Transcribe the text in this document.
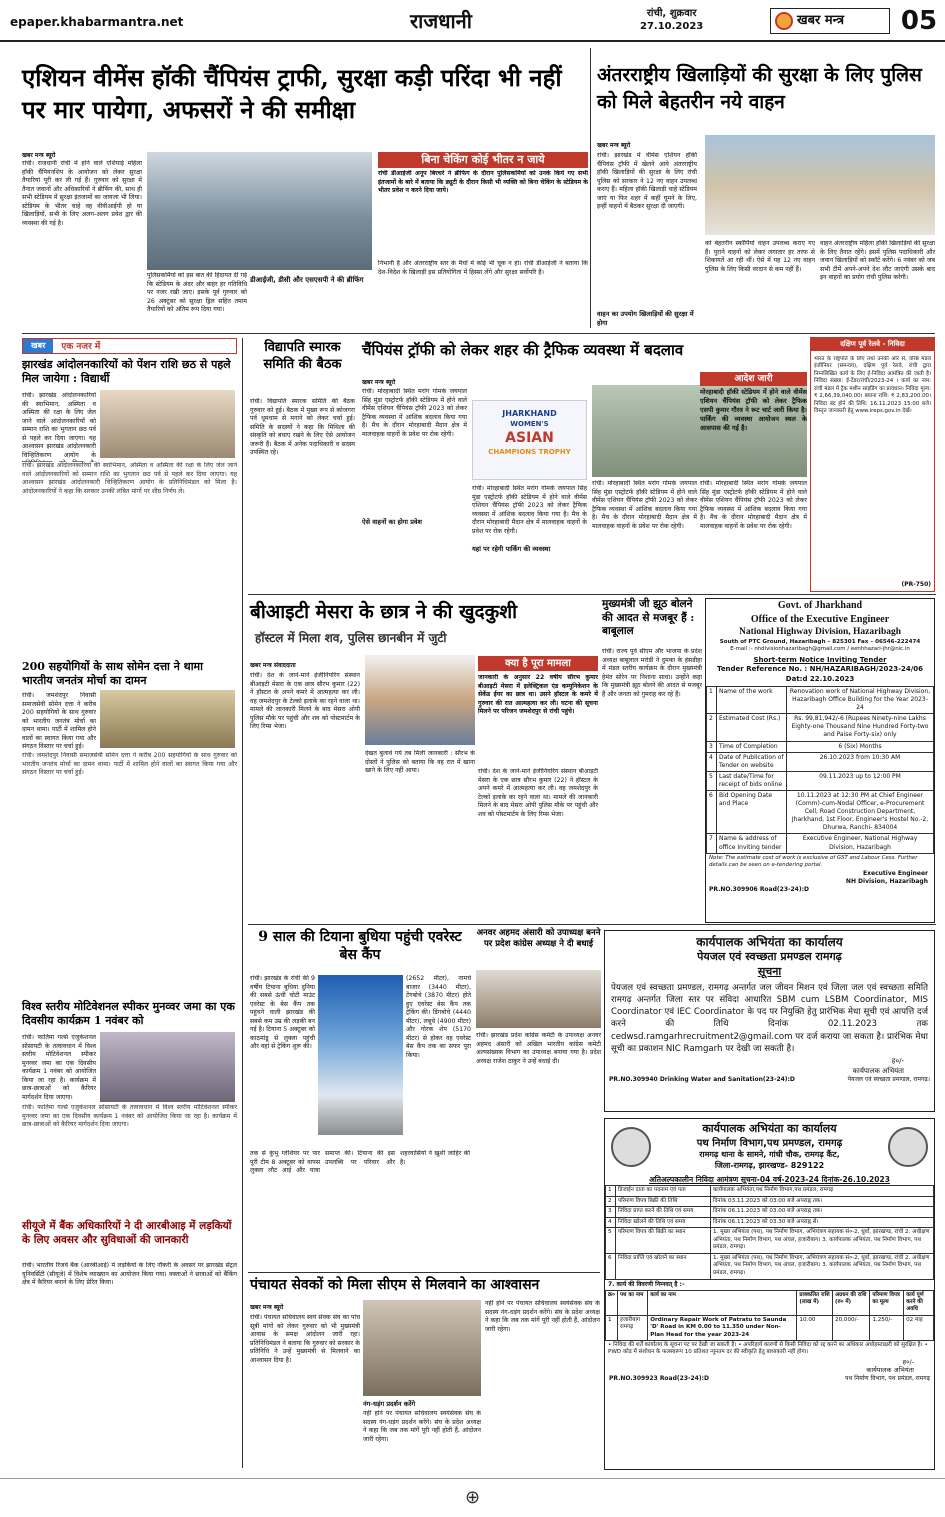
epaper.khabarmantra.net	राजधानी	रांची, शुक्रवार
27.10.2023	खबर मन्त्र 05
एशियन वीमेंस हॉकी चैंपियंस ट्राफी, सुरक्षा कड़ी परिंदा भी नहीं पर मार पायेगा, अफसरों ने की समीक्षा
खबर मन्त्र ब्यूरो
रांची। राजधानी रांची में होने वाले एशियाई महिला हॉकी चैंपियनशिप के आयोजन को लेकर सुरक्षा तैयारियां पूरी कर ली गई हैं। गुरुवार को सुरक्षा में तैनात जवानों और अधिकारियों ने ब्रीफिंग की, साथ ही सभी स्टेडियम में सुरक्षा इंतजामों का जायजा भी लिया। स्टेडियम के भीतर चाहे वह वीवीआईपी हो या खिलाड़ियों, सभी के लिए अलग-अलग प्रवेश द्वार की व्यवस्था की गई है।
पुलिसकर्मियों को इस बात की हिदायत दी गई कि स्टेडियम के अंदर और बाहर हर गतिविधि पर नजर रखी जाए। इसके पूर्व गुरुवार को 26 अक्टूबर को सुरक्षा ड्रिल सहित तमाम तैयारियों को अंतिम रूप दिया गया।
डीआईजी, डीसी और एसएसपी ने की ब्रीफिंग
बिना चेकिंग कोई भीतर न जाये
रांची डीआईजी अनूप बिरथरे ने ब्रीफिंग के दौरान पुलिसकर्मियों को उनके किये गए सभी इंतजामों के बारे में बताया कि ड्यूटी के दौरान किसी भी व्यक्ति को बिना चेकिंग के स्टेडियम के भीतर प्रवेश न करने दिया जाये।
निभानी है और अंतरराष्ट्रीय स्तर के मैचों में कोई भी चूक न हो। रांची डीआईजी ने बताया कि देश-विदेश के खिलाड़ी इस प्रतियोगिता में हिस्सा लेंगे और सुरक्षा सर्वोपरि है।
अंतरराष्ट्रीय खिलाड़ियों की सुरक्षा के लिए पुलिस को मिले बेहतरीन नये वाहन
खबर मन्त्र ब्यूरो
रांची। झारखंड में वीमेंस एशियन हॉकी चैंपियंस ट्रॉफी में खेलने आये अंतरराष्ट्रीय हॉकी खिलाड़ियों की सुरक्षा के लिए रांची पुलिस को सरकार ने 12 नए वाहन उपलब्ध कराए हैं। महिला हॉकी खिलाड़ी चाहे स्टेडियम जाएं या फिर शहर में कहीं घूमने के लिए, इन्हीं वाहनों में बैठकर सुरक्षा दी जाएगी।
वाहन का उपयोग खिलाड़ियों की सुरक्षा में होगा
को बेहतरीन स्कॉर्पियो वाहन उपलब्ध कराए गए हैं। पुराने वाहनों को लेकर लगातार हर तरफ से शिकायतें आ रही थीं। ऐसे में यह 12 नए वाहन पुलिस के लिए किसी वरदान से कम नहीं हैं।
वाहन अंतरराष्ट्रीय महिला हॉकी खिलाड़ियों की सुरक्षा के लिए तैनात रहेंगे। इसमें पुलिस पदाधिकारी और जवान खिलाड़ियों को स्कॉर्ट करेंगे। 6 नवंबर को जब सभी टीमें अपने-अपने देश लौट जाएंगी उसके बाद इन वाहनों का प्रयोग रांची पुलिस करेगी।
खबर	एक नजर में
झारखंड आंदोलनकारियों को पेंशन राशि छठ से पहले मिल जायेगा : विद्यार्थी
रांची। झारखंड आंदोलनकारियों की स्वाभिमान, अस्मिता व अस्मिता की रक्षा के लिए जेल जाने वाले आंदोलनकारियों को सम्मान राशि का भुगतान छठ पर्व से पहले कर दिया जाएगा। यह आश्वासन झारखंड आंदोलनकारी चिन्हितिकरण आयोग के
रांची। झारखंड आंदोलनकारियों की स्वाभिमान, अस्मिता व अस्मिता की रक्षा के लिए जेल जाने वाले आंदोलनकारियों को सम्मान राशि का भुगतान छठ पर्व से पहले कर दिया जाएगा। यह आश्वासन झारखंड आंदोलनकारी चिन्हितिकरण आयोग के प्रतिनिधिमंडल को मिला है। आंदोलनकारियों ने कहा कि सरकार उनकी लंबित मांगों पर शीघ्र निर्णय ले।
200 सहयोगियों के साथ सोमेन दत्ता ने थामा भारतीय जनतंत्र मोर्चा का दामन
रांची। जमशेदपुर निवासी समाजसेवी सोमेन दत्ता ने करीब 200 सहयोगियों के साथ गुरुवार को भारतीय जनतंत्र मोर्चा का दामन थामा। पार्टी में शामिल होने वालों का स्वागत किया गया और संगठन विस्तार पर चर्चा हुई।
रांची। जमशेदपुर निवासी समाजसेवी सोमेन दत्ता ने करीब 200 सहयोगियों के साथ गुरुवार को भारतीय जनतंत्र मोर्चा का दामन थामा। पार्टी में शामिल होने वालों का स्वागत किया गया और संगठन विस्तार पर चर्चा हुई।
विश्व स्तरीय मोटिवेशनल स्पीकर मुनव्वर जमा का एक दिवसीय कार्यक्रम 1 नवंबर को
रांची। फातिमा गर्ल्स एजुकेशनल सोसायटी के तत्वावधान में विश्व स्तरीय मोटिवेशनल स्पीकर मुनव्वर जमा का एक दिवसीय कार्यक्रम 1 नवंबर को आयोजित किया जा रहा है। कार्यक्रम में छात्र-छात्राओं को कैरियर मार्गदर्शन दिया जाएगा।
रांची। फातिमा गर्ल्स एजुकेशनल सोसायटी के तत्वावधान में विश्व स्तरीय मोटिवेशनल स्पीकर मुनव्वर जमा का एक दिवसीय कार्यक्रम 1 नवंबर को आयोजित किया जा रहा है। कार्यक्रम में छात्र-छात्राओं को कैरियर मार्गदर्शन दिया जाएगा।
सीयूजे में बैंक अधिकारियों ने दी आरबीआइ में लड़कियों के लिए अवसर और सुविधाओं की जानकारी
रांची। भारतीय रिजर्व बैंक (आरबीआई) में लड़कियों के लिए नौकरी के अवसर पर झारखंड सेंट्रल यूनिवर्सिटी (सीयूजे) में विशेष व्याख्यान का आयोजन किया गया। वक्ताओं ने छात्राओं को बैंकिंग क्षेत्र में कैरियर बनाने के लिए प्रेरित किया।
विद्यापति स्मारक समिति की बैठक
रांची। विद्यापति स्मारक समिति की बैठक गुरुवार को हुई। बैठक में मुख्य रूप से कोजगरा पर्व धूमधाम से मनाने को लेकर चर्चा हुई। समिति के सदस्यों ने कहा कि मिथिला की संस्कृति को बचाए रखने के लिए ऐसे आयोजन जरूरी हैं। बैठक में अनेक पदाधिकारी व सदस्य उपस्थित रहे।
चैंपियंस ट्रॉफी को लेकर शहर की ट्रैफिक व्यवस्था में बदलाव
खबर मन्त्र ब्यूरो
रांची। मोरहाबादी स्थित मरांग गोमके जयपाल सिंह मुंडा एस्ट्रोटर्फ हॉकी स्टेडियम में होने वाले वीमेंस एशियन चैंपियंस ट्रॉफी 2023 को लेकर ट्रैफिक व्यवस्था में आंशिक बदलाव किया गया है। मैच के दौरान मोरहाबादी मैदान क्षेत्र में मालवाहक वाहनों के प्रवेश पर रोक रहेगी।
ऐसे वाहनों का होगा प्रवेश
JHARKHAND
WOMEN'S
ASIAN
CHAMPIONS TROPHY
रांची। मोरहाबादी स्थित मरांग गोमके जयपाल सिंह मुंडा एस्ट्रोटर्फ हॉकी स्टेडियम में होने वाले वीमेंस एशियन चैंपियंस ट्रॉफी 2023 को लेकर ट्रैफिक व्यवस्था में आंशिक बदलाव किया गया है। मैच के दौरान मोरहाबादी मैदान क्षेत्र में मालवाहक वाहनों के प्रवेश पर रोक रहेगी।
यहां पर रहेगी पार्किंग की व्यवस्था
रांची। मोरहाबादी स्थित मरांग गोमके जयपाल सिंह मुंडा एस्ट्रोटर्फ हॉकी स्टेडियम में होने वाले वीमेंस एशियन चैंपियंस ट्रॉफी 2023 को लेकर ट्रैफिक व्यवस्था में आंशिक बदलाव किया गया है। मैच के दौरान मोरहाबादी मैदान क्षेत्र में मालवाहक वाहनों के प्रवेश पर रोक रहेगी।
आदेश जारी
मोरहाबादी हॉकी स्टेडियम में होने वाले वीमेंस एशियन चैंपियंस ट्रॉफी को लेकर ट्रैफिक एसपी कुमार गौरव ने रूट चार्ट जारी किया है। पार्किंग की व्यवस्था आयोजन स्थल के आसपास की गई है।
रांची। मोरहाबादी स्थित मरांग गोमके जयपाल सिंह मुंडा एस्ट्रोटर्फ हॉकी स्टेडियम में होने वाले वीमेंस एशियन चैंपियंस ट्रॉफी 2023 को लेकर ट्रैफिक व्यवस्था में आंशिक बदलाव किया गया है। मैच के दौरान मोरहाबादी मैदान क्षेत्र में मालवाहक वाहनों के प्रवेश पर रोक रहेगी।
दक्षिण पूर्व रेलवे - निविदा
भारत के राष्ट्रपति के लिए तथा उनकी ओर से, वरिष्ठ मंडल इंजीनियर (समन्वय), दक्षिण पूर्व रेलवे, रांची द्वारा निम्नलिखित कार्य के लिए ई-निविदा आमंत्रित की जाती है। निविदा संख्या: ई-टेंडर/रांची/2023-24 । कार्य का नाम: रांची मंडल में ट्रैक मशीन साइडिंग का प्रावधान। निविदा मूल्य: ₹ 2,66,39,040.00। बयाना राशि: ₹ 2,83,200.00। निविदा बंद होने की तिथि: 16.11.2023 15:00 बजे। विस्तृत जानकारी हेतु www.ireps.gov.in देखें।
(PR-750)
बीआइटी मेसरा के छात्र ने की खुदकुशी
हॉस्टल में मिला शव, पुलिस छानबीन में जुटी
खबर मन्त्र संवाददाता
रांची। देश के जाने-माने इंजीनियरिंग संस्थान बीआइटी मेसरा के एक छात्र सौरभ कुमार (22) ने हॉस्टल के अपने कमरे में आत्महत्या कर ली। वह जमशेदपुर के टेल्को इलाके का रहने वाला था। मामले की जानकारी मिलने के बाद मेसरा ओपी पुलिस मौके पर पहुंची और शव को पोस्टमार्टम के लिए रिम्स भेजा।
देखत बुलावे गये तब मिली जानकारी : सौरभ के दोस्तों ने पुलिस को बताया कि वह रात में खाना खाने के लिए नहीं आया।
क्या है पूरा मामला
जानकारी के अनुसार 22 वर्षीय सौरभ कुमार बीआइटी मेसरा में इलेक्ट्रिकल एंड कम्युनिकेशन के सेकेंड ईयर का छात्र था। उसने हॉस्टल के कमरे में गुरुवार की रात आत्महत्या कर ली। घटना की सूचना मिलने पर परिजन जमशेदपुर से रांची पहुंचे।
रांची। देश के जाने-माने इंजीनियरिंग संस्थान बीआइटी मेसरा के एक छात्र सौरभ कुमार (22) ने हॉस्टल के अपने कमरे में आत्महत्या कर ली। वह जमशेदपुर के टेल्को इलाके का रहने वाला था। मामले की जानकारी मिलने के बाद मेसरा ओपी पुलिस मौके पर पहुंची और शव को पोस्टमार्टम के लिए रिम्स भेजा।
मुख्यमंत्री जी झूठ बोलने की आदत से मजबूर हैं : बाबूलाल
रांची। राज्य पूर्व सीएम और भाजपा के प्रदेश अध्यक्ष बाबूलाल मरांडी ने दुमका के हंसडीहा में मंडल स्तरीय कार्यक्रम के दौरान मुख्यमंत्री हेमंत सोरेन पर निशाना साधा। उन्होंने कहा कि मुख्यमंत्री झूठ बोलने की आदत से मजबूर हैं और जनता को गुमराह कर रहे हैं।
Govt. of Jharkhand
Office of the Executive Engineer
National Highway Division, Hazaribagh
South of PTC Ground, Hazaribagh – 825301 Fax – 06546-222474
E-mail :- nhdivisionhazaribagh@gmail.com / eenhhazari-jhr@nic.in
Short-term Notice Inviting Tender
Tender Reference No. : NH/HAZARIBAGH/2023-24/06
Dat:d 22.10.2023
1	Name of the work	Renovation work of National Highway Division, Hazaribagh Office Building for the Year 2023-24
2	Estimated Cost (Rs.)	Rs. 99,81,942/-6 (Rupees Ninety-nine Lakhs Eighty-one Thousand Nine Hundred Forty-two and Paise Forty-six) only
3	Time of Completion	6 (Six) Months
4	Date of Publication of Tender on website	26.10.2023 from 10:30 AM
5	Last date/Time for receipt of bids online	09.11.2023 up to 12:00 PM
6	Bid Opening Date and Place	10.11.2023 at 12:30 PM at Chief Engineer (Comm)-cum-Nodal Officer, e-Procurement Cell, Road Construction Department, Jharkhand, 1st Floor, Engineer's Hostel No.-2, Dhurwa, Ranchi- 834004
7	Name & address of office Inviting tender	Executive Engineer, National Highway Division, Hazaribagh
Note: The estimate cost of work is exclusive of GST and Labour Cess. Further details can be seen on e-tendering portal.
Executive Engineer
NH Division, Hazaribagh
PR.NO.309906 Road(23-24):D
9 साल की टियाना बुधिया पहुंची एवरेस्ट बेस कैंप
रांची। झारखंड के रांची की 9 वर्षीय टियाना बुधिया दुनिया की सबसे ऊंची चोटी माउंट एवरेस्ट के बेस कैंप तक पहुंचने वाली झारखंड की सबसे कम उम्र की लड़की बन गई है। टियाना 5 अक्टूबर को काठमांडू से लुक्ला पहुंची और वहां से ट्रेकिंग शुरू की।
(2652 मीटर), नामचे बाजार (3440 मीटर), टेंगबोचे (3870 मीटर) होते हुए एवरेस्ट बेस कैंप तक ट्रेकिंग की। डिंगबोचे (4440 मीटर), लबूचे (4900 मीटर) और गोरक शेप (5170 मीटर) से होकर वह एवरेस्ट बेस कैंप तक का सफर पूरा किया।
तक से कुंभु ग्लेशियर पर पार पूरी टीम 8 अक्टूबर को वापस लुक्ला लौट आई और यात्रा समाप्त की। टियाना की इस उपलब्धि पर परिवार और शहरवासियों ने खुशी जाहिर की है।
अनवर अहमद अंसारी को उपाध्यक्ष बनने पर प्रदेश कांग्रेस अध्यक्ष ने दी बधाई
रांची। झारखंड प्रदेश कांग्रेस कमेटी के उपाध्यक्ष अनवर अहमद अंसारी को अखिल भारतीय कांग्रेस कमेटी अल्पसंख्यक विभाग का उपाध्यक्ष बनाया गया है। प्रदेश अध्यक्ष राजेश ठाकुर ने उन्हें बधाई दी।
कार्यपालक अभियंता का कार्यालय
पेयजल एवं स्वच्छता प्रमण्डल रामगढ़
सूचना
पेयजल एवं स्वच्छता प्रमण्डल, रामगढ़ अन्तर्गत जल जीवन मिशन एवं जिला जल एवं स्वच्छता समिति रामगढ़ अन्तर्गत जिला स्तर पर संविदा आधारित SBM cum LSBM Coordinator, MIS Coordinator एवं IEC Coordinator के पद पर नियुक्ति हेतु प्रारंभिक मेधा सूची एवं आपत्ति दर्ज करने की तिथि दिनांक 02.11.2023 तक cedwsd.ramgarhrecruitment2@gmail.com पर दर्ज कराया जा सकता है। प्रारंभिक मेधा सूची का प्रकाशन NIC Ramgarh पर देखी जा सकती है।
ह०/-
कार्यपालक अभियंता
PR.NO.309940 Drinking Water and Sanitation(23-24):D	पेयजल एवं स्वच्छता प्रमण्डल, रामगढ़।
कार्यपालक अभियंता का कार्यालय
पथ निर्माण विभाग,पथ प्रमण्डल, रामगढ़
रामगढ़ थाना के सामने, गांधी चौक, रामगढ़ कैंट,
जिला-रामगढ़, झारखण्ड- 829122
अतिअल्पकालीन निविदा आमंत्रण सूचना-04 वर्ष-2023-24 दिनांक-26.10.2023
1	डिजाईन दाता का पदनाम एवं पता	कार्यपालक अभियंता,पथ निर्माण विभाग,पथ प्रमंडल, रामगढ़
2	परिमाण विपत्र बिक्री की तिथि	दिनांक 03.11.2023 को 03.00 बजे अपराह्न तक।
3	निविदा प्राप्त करने की तिथि एवं समय	दिनांक 06.11.2023 को 03.00 बजे अपराह्न तक।
4	निविदा खोलने की तिथि एवं समय	दिनांक 06.11.2023 को 03.30 बजे अपराह्न से।
5	परिमाण विपत्र की बिक्री का स्थान	1. मुख्य अभियंता (पथ), पथ निर्माण विभाग, अभियंत्रण सहायक सं०-2, धुर्वा, झारखण्ड, रांची 2. अधीक्षण अभियंता, पथ निर्माण विभाग, पथ अंचल, हजारीबाग। 3. कार्यपालक अभियंता, पथ निर्माण विभाग, पथ प्रमंडल, रामगढ़।
6	निविदा प्राप्ति एवं खोलने का स्थान	1. मुख्य अभियंता (पथ), पथ निर्माण विभाग, अभियंत्रण सहायक सं०-2, धुर्वा, झारखण्ड, रांची 2. अधीक्षण अभियंता, पथ निर्माण विभाग, पथ अंचल, हजारीबाग। 3. कार्यपालक अभियंता, पथ निर्माण विभाग, पथ प्रमंडल, रामगढ़।
7. कार्य की विवरणी निम्नवत् है :-
क्र०	पथ का नाम	कार्य का नाम	प्राक्कलित राशि (लाख में)	अग्रधन की राशि (रु० में)	परिमाण विपत्र का मूल्य	कार्य पूर्ण करने की अवधि
1	हजारीबाग रामगढ़	Ordinary Repair Work of Patratu to Saunda 'D' Road in KM 0.00 to 11.350 under Non-Plan Head for the year 2023-24	10.00	20,000/-	1,250/-	02 माह
• निविदा की शर्तें कार्यालय के सूचना पट पर देखी जा सकती है। • अपरिहार्य कारणों से किसी निविदा को रद्द करने का अधिकार अधोहस्ताक्षरी को सुरक्षित है। • PWD कोड में संशोधन के फलस्वरूप 10 प्रतिशत न्यूनतम दर की स्वीकृति हेतु बाध्यकारी नहीं होगा।
ह०/-
कार्यपालक अभियंता
PR.NO.309923 Road(23-24):D	पथ निर्माण विभाग, पथ प्रमंडल, रामगढ़
पंचायत सेवकों को मिला सीएम से मिलवाने का आश्वासन
खबर मन्त्र ब्यूरो
रांची। पंचायत सचिवालय स्वयं सेवक संघ का पांच सूत्री मांगों को लेकर गुरुवार को भी मुख्यमंत्री आवास के समक्ष आंदोलन जारी रहा। प्रतिनिधिमंडल ने बताया कि गुरुवार को सरकार के प्रतिनिधि ने उन्हें मुख्यमंत्री से मिलवाने का आश्वासन दिया है।
नंग-धड़ंग प्रदर्शन करेंगे
नहीं होने पर पंचायत सचिवालय स्वयंसेवक संघ के सदस्य नंग-धड़ंग प्रदर्शन करेंगे। संघ के प्रदेश अध्यक्ष ने कहा कि जब तक मांगें पूरी नहीं होती हैं, आंदोलन जारी रहेगा।
नहीं होने पर पंचायत सचिवालय स्वयंसेवक संघ के सदस्य नंग-धड़ंग प्रदर्शन करेंगे। संघ के प्रदेश अध्यक्ष ने कहा कि जब तक मांगें पूरी नहीं होती हैं, आंदोलन जारी रहेगा।
⊕
